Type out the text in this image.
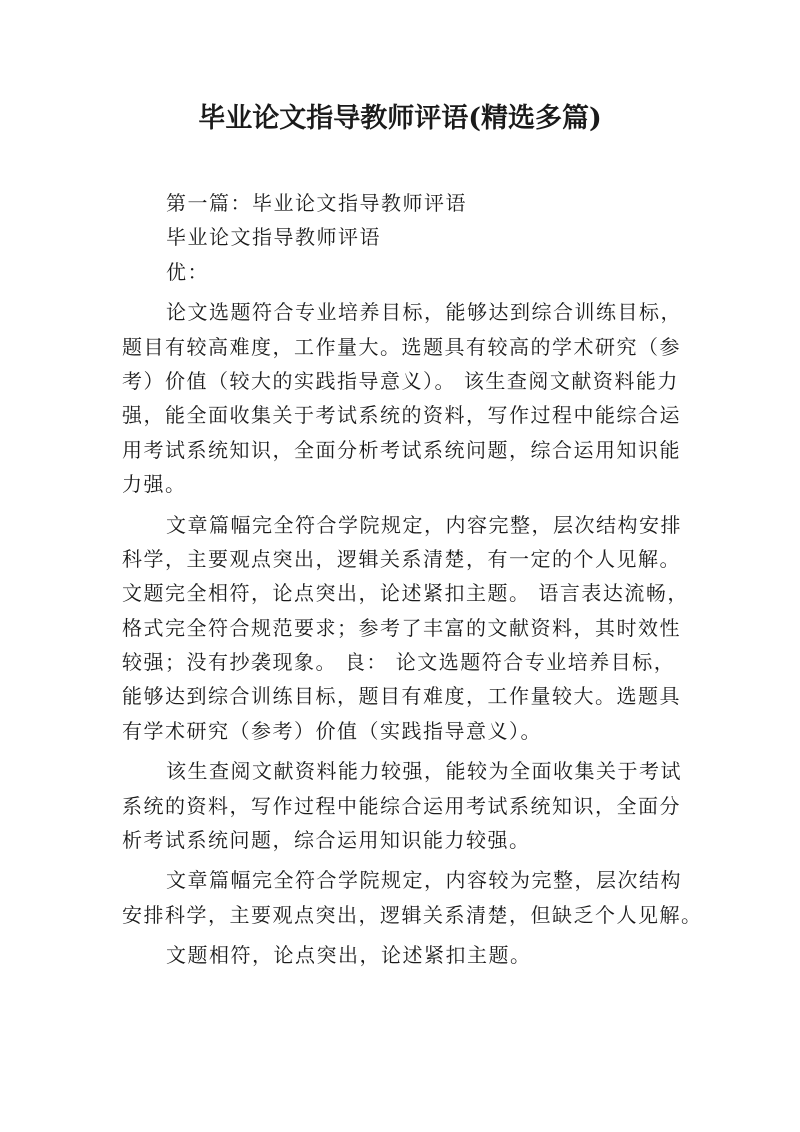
毕业论文指导教师评语(精选多篇)
第一篇：毕业论文指导教师评语
毕业论文指导教师评语
优：
论文选题符合专业培养目标，能够达到综合训练目标，
题目有较高难度，工作量大。选题具有较高的学术研究（参
考）价值（较大的实践指导意义）。 该生查阅文献资料能力
强，能全面收集关于考试系统的资料，写作过程中能综合运
用考试系统知识，全面分析考试系统问题，综合运用知识能
力强。
文章篇幅完全符合学院规定，内容完整，层次结构安排
科学，主要观点突出，逻辑关系清楚，有一定的个人见解。
文题完全相符，论点突出，论述紧扣主题。 语言表达流畅，
格式完全符合规范要求；参考了丰富的文献资料，其时效性
较强；没有抄袭现象。 良： 论文选题符合专业培养目标，
能够达到综合训练目标，题目有难度，工作量较大。选题具
有学术研究（参考）价值（实践指导意义）。
该生查阅文献资料能力较强，能较为全面收集关于考试
系统的资料，写作过程中能综合运用考试系统知识，全面分
析考试系统问题，综合运用知识能力较强。
文章篇幅完全符合学院规定，内容较为完整，层次结构
安排科学，主要观点突出，逻辑关系清楚，但缺乏个人见解。
文题相符，论点突出，论述紧扣主题。
